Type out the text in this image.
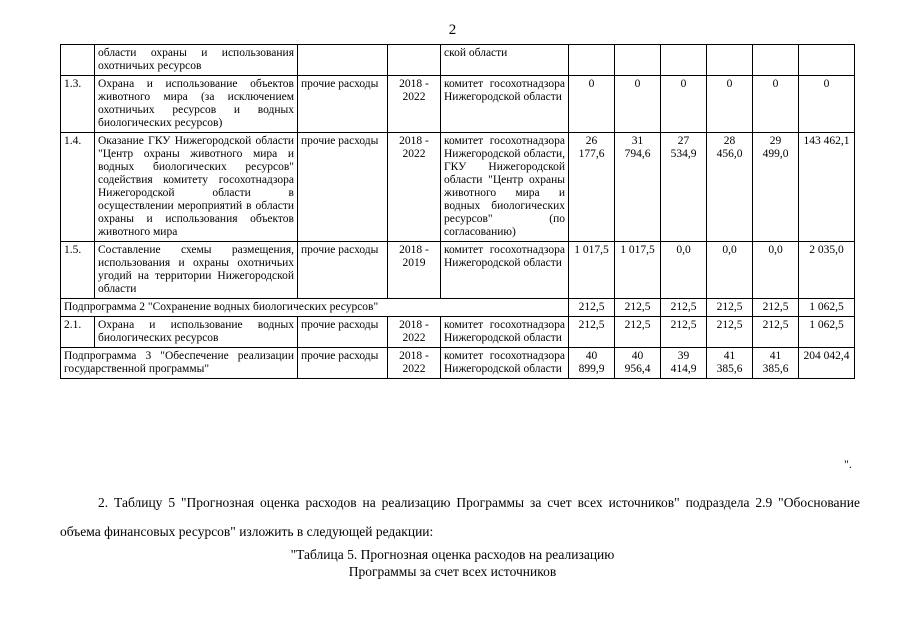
2
	области охраны и использования охотничьих ресурсов			ской области						
1.3.	Охрана и использование объектов животного мира (за исключением охотничьих ресурсов и водных биологических ресурсов)	прочие расходы	2018 - 2022	комитет госохотнадзора Нижегородской области	0	0	0	0	0	0
1.4.	Оказание ГКУ Нижегородской области "Центр охраны животного мира и водных биологических ресурсов" содействия комитету госохотнадзора Нижегородской области в осуществлении мероприятий в области охраны и использования объектов животного мира	прочие расходы	2018 - 2022	комитет госохотнадзора Нижегородской области, ГКУ Нижегородской области "Центр охраны животного мира и водных биологических ресурсов" (по согласованию)	26 177,6	31 794,6	27 534,9	28 456,0	29 499,0	143 462,1
1.5.	Составление схемы размещения, использования и охраны охотничьих угодий на территории Нижегородской области	прочие расходы	2018 - 2019	комитет госохотнадзора Нижегородской области	1 017,5	1 017,5	0,0	0,0	0,0	2 035,0
Подпрограмма 2 "Сохранение водных биологических ресурсов"					212,5	212,5	212,5	212,5	212,5	1 062,5
2.1.	Охрана и использование водных биологических ресурсов	прочие расходы	2018 - 2022	комитет госохотнадзора Нижегородской области	212,5	212,5	212,5	212,5	212,5	1 062,5
Подпрограмма 3 "Обеспечение реализации государственной программы"		прочие расходы	2018 - 2022	комитет госохотнадзора Нижегородской области	40 899,9	40 956,4	39 414,9	41 385,6	41 385,6	204 042,4
".

2. Таблицу 5 "Прогнозная оценка расходов на реализацию Программы за счет всех источников" подраздела 2.9 "Обоснование объема финансовых ресурсов" изложить в следующей редакции:

"Таблица 5. Прогнозная оценка расходов на реализацию
Программы за счет всех источников
